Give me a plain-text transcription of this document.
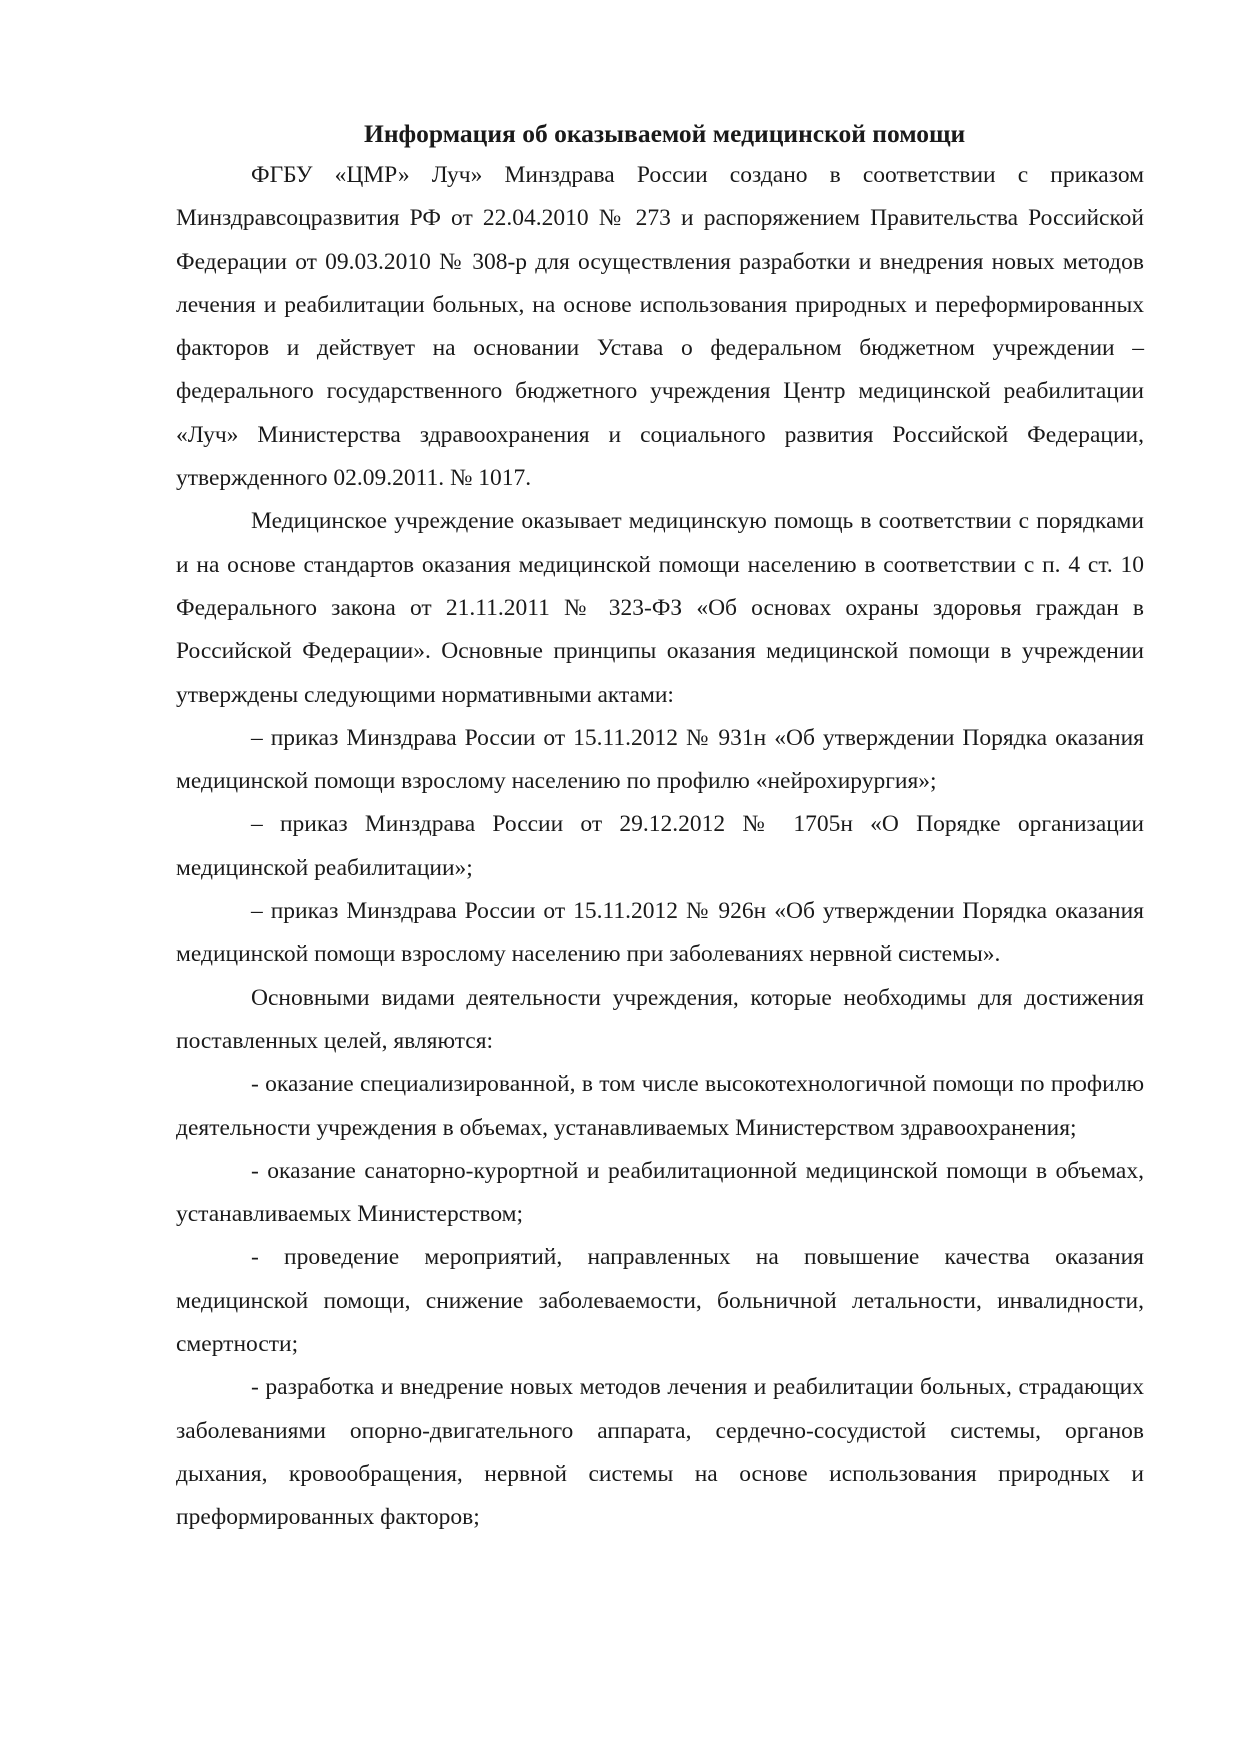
Информация об оказываемой медицинской помощи

ФГБУ «ЦМР» Луч» Минздрава России создано в соответствии с приказом Минздравсоцразвития РФ от 22.04.2010 № 273 и распоряжением Правительства Российской Федерации от 09.03.2010 № 308-р для осуществления разработки и внедрения новых методов лечения и реабилитации больных, на основе использования природных и переформированных факторов и действует на основании Устава о федеральном бюджетном учреждении – федерального государственного бюджетного учреждения Центр медицинской реабилитации «Луч» Министерства здравоохранения и социального развития Российской Федерации, утвержденного 02.09.2011. № 1017.

Медицинское учреждение оказывает медицинскую помощь в соответствии с порядками и на основе стандартов оказания медицинской помощи населению в соответствии с п. 4 ст. 10 Федерального закона от 21.11.2011 № 323-ФЗ «Об основах охраны здоровья граждан в Российской Федерации». Основные принципы оказания медицинской помощи в учреждении утверждены следующими нормативными актами:

– приказ Минздрава России от 15.11.2012 № 931н «Об утверждении Порядка оказания медицинской помощи взрослому населению по профилю «нейрохирургия»;

– приказ Минздрава России от 29.12.2012 № 1705н «О Порядке организации медицинской реабилитации»;

– приказ Минздрава России от 15.11.2012 № 926н «Об утверждении Порядка оказания медицинской помощи взрослому населению при заболеваниях нервной системы».

Основными видами деятельности учреждения, которые необходимы для достижения поставленных целей, являются:

- оказание специализированной, в том числе высокотехнологичной помощи по профилю деятельности учреждения в объемах, устанавливаемых Министерством здравоохранения;

- оказание санаторно-курортной и реабилитационной медицинской помощи в объемах, устанавливаемых Министерством;

- проведение мероприятий, направленных на повышение качества оказания медицинской помощи, снижение заболеваемости, больничной летальности, инвалидности, смертности;

- разработка и внедрение новых методов лечения и реабилитации больных, страдающих заболеваниями опорно-двигательного аппарата, сердечно-сосудистой системы, органов дыхания, кровообращения, нервной системы на основе использования природных и преформированных факторов;
